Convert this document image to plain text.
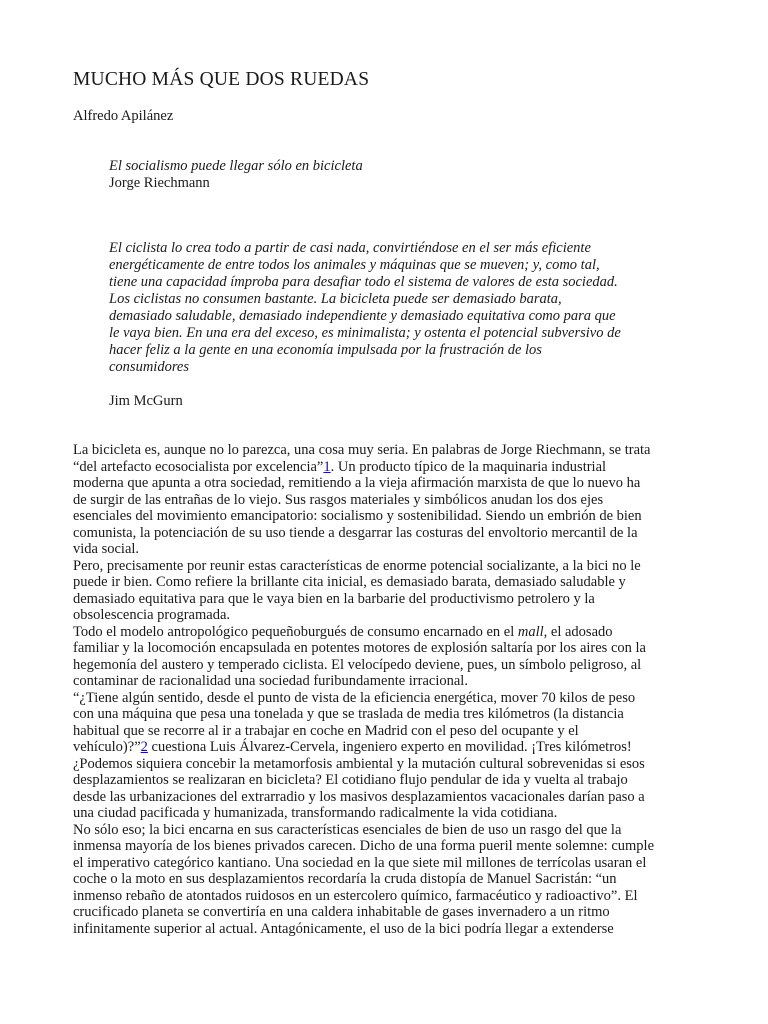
MUCHO MÁS QUE DOS RUEDAS

Alfredo Apilánez

El socialismo puede llegar sólo en bicicleta
Jorge Riechmann
El ciclista lo crea todo a partir de casi nada, convirtiéndose en el ser más eficiente
energéticamente de entre todos los animales y máquinas que se mueven; y, como tal,
tiene una capacidad ímproba para desafiar todo el sistema de valores de esta sociedad.
Los ciclistas no consumen bastante. La bicicleta puede ser demasiado barata,
demasiado saludable, demasiado independiente y demasiado equitativa como para que
le vaya bien. En una era del exceso, es minimalista; y ostenta el potencial subversivo de
hacer feliz a la gente en una economía impulsada por la frustración de los
consumidores
Jim McGurn
La bicicleta es, aunque no lo parezca, una cosa muy seria. En palabras de Jorge Riechmann, se trata
“del artefacto ecosocialista por excelencia”1. Un producto típico de la maquinaria industrial
moderna que apunta a otra sociedad, remitiendo a la vieja afirmación marxista de que lo nuevo ha
de surgir de las entrañas de lo viejo. Sus rasgos materiales y simbólicos anudan los dos ejes
esenciales del movimiento emancipatorio: socialismo y sostenibilidad. Siendo un embrión de bien
comunista, la potenciación de su uso tiende a desgarrar las costuras del envoltorio mercantil de la
vida social.
Pero, precisamente por reunir estas características de enorme potencial socializante, a la bici no le
puede ir bien. Como refiere la brillante cita inicial, es demasiado barata, demasiado saludable y
demasiado equitativa para que le vaya bien en la barbarie del productivismo petrolero y la
obsolescencia programada.
Todo el modelo antropológico pequeñoburgués de consumo encarnado en el mall, el adosado
familiar y la locomoción encapsulada en potentes motores de explosión saltaría por los aires con la
hegemonía del austero y temperado ciclista. El velocípedo deviene, pues, un símbolo peligroso, al
contaminar de racionalidad una sociedad furibundamente irracional.
“¿Tiene algún sentido, desde el punto de vista de la eficiencia energética, mover 70 kilos de peso
con una máquina que pesa una tonelada y que se traslada de media tres kilómetros (la distancia
habitual que se recorre al ir a trabajar en coche en Madrid con el peso del ocupante y el
vehículo)?”2 cuestiona Luis Álvarez-Cervela, ingeniero experto en movilidad. ¡Tres kilómetros!
¿Podemos siquiera concebir la metamorfosis ambiental y la mutación cultural sobrevenidas si esos
desplazamientos se realizaran en bicicleta? El cotidiano flujo pendular de ida y vuelta al trabajo
desde las urbanizaciones del extrarradio y los masivos desplazamientos vacacionales darían paso a
una ciudad pacificada y humanizada, transformando radicalmente la vida cotidiana.
No sólo eso; la bici encarna en sus características esenciales de bien de uso un rasgo del que la
inmensa mayoría de los bienes privados carecen. Dicho de una forma pueril mente solemne: cumple
el imperativo categórico kantiano. Una sociedad en la que siete mil millones de terrícolas usaran el
coche o la moto en sus desplazamientos recordaría la cruda distopía de Manuel Sacristán: “un
inmenso rebaño de atontados ruidosos en un estercolero químico, farmacéutico y radioactivo”. El
crucificado planeta se convertiría en una caldera inhabitable de gases invernadero a un ritmo
infinitamente superior al actual. Antagónicamente, el uso de la bici podría llegar a extenderse
